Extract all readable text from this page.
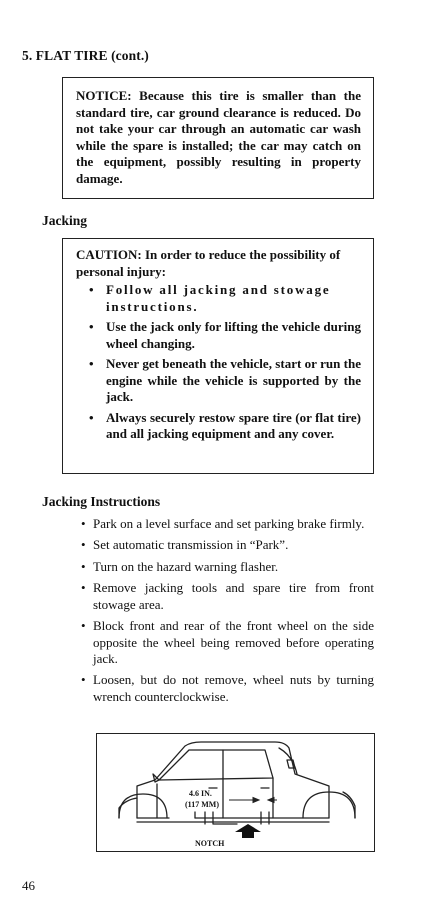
5. FLAT TIRE (cont.)
NOTICE: Because this tire is smaller than the standard tire, car ground clearance is reduced. Do not take your car through an automatic car wash while the spare is installed; the car may catch on the equipment, possibly resulting in property damage.
Jacking
CAUTION: In order to reduce the possibility of personal injury:
• Follow all jacking and stowage instructions.
• Use the jack only for lifting the vehicle during wheel changing.
• Never get beneath the vehicle, start or run the engine while the vehicle is supported by the jack.
• Always securely restow spare tire (or flat tire) and all jacking equipment and any cover.
Jacking Instructions
• Park on a level surface and set parking brake firmly.
• Set automatic transmission in “Park”.
• Turn on the hazard warning flasher.
• Remove jacking tools and spare tire from front stowage area.
• Block front and rear of the front wheel on the side opposite the wheel being removed before operating jack.
• Loosen, but do not remove, wheel nuts by turning wrench counterclockwise.
4.6 IN.
(117 MM)
NOTCH
46
